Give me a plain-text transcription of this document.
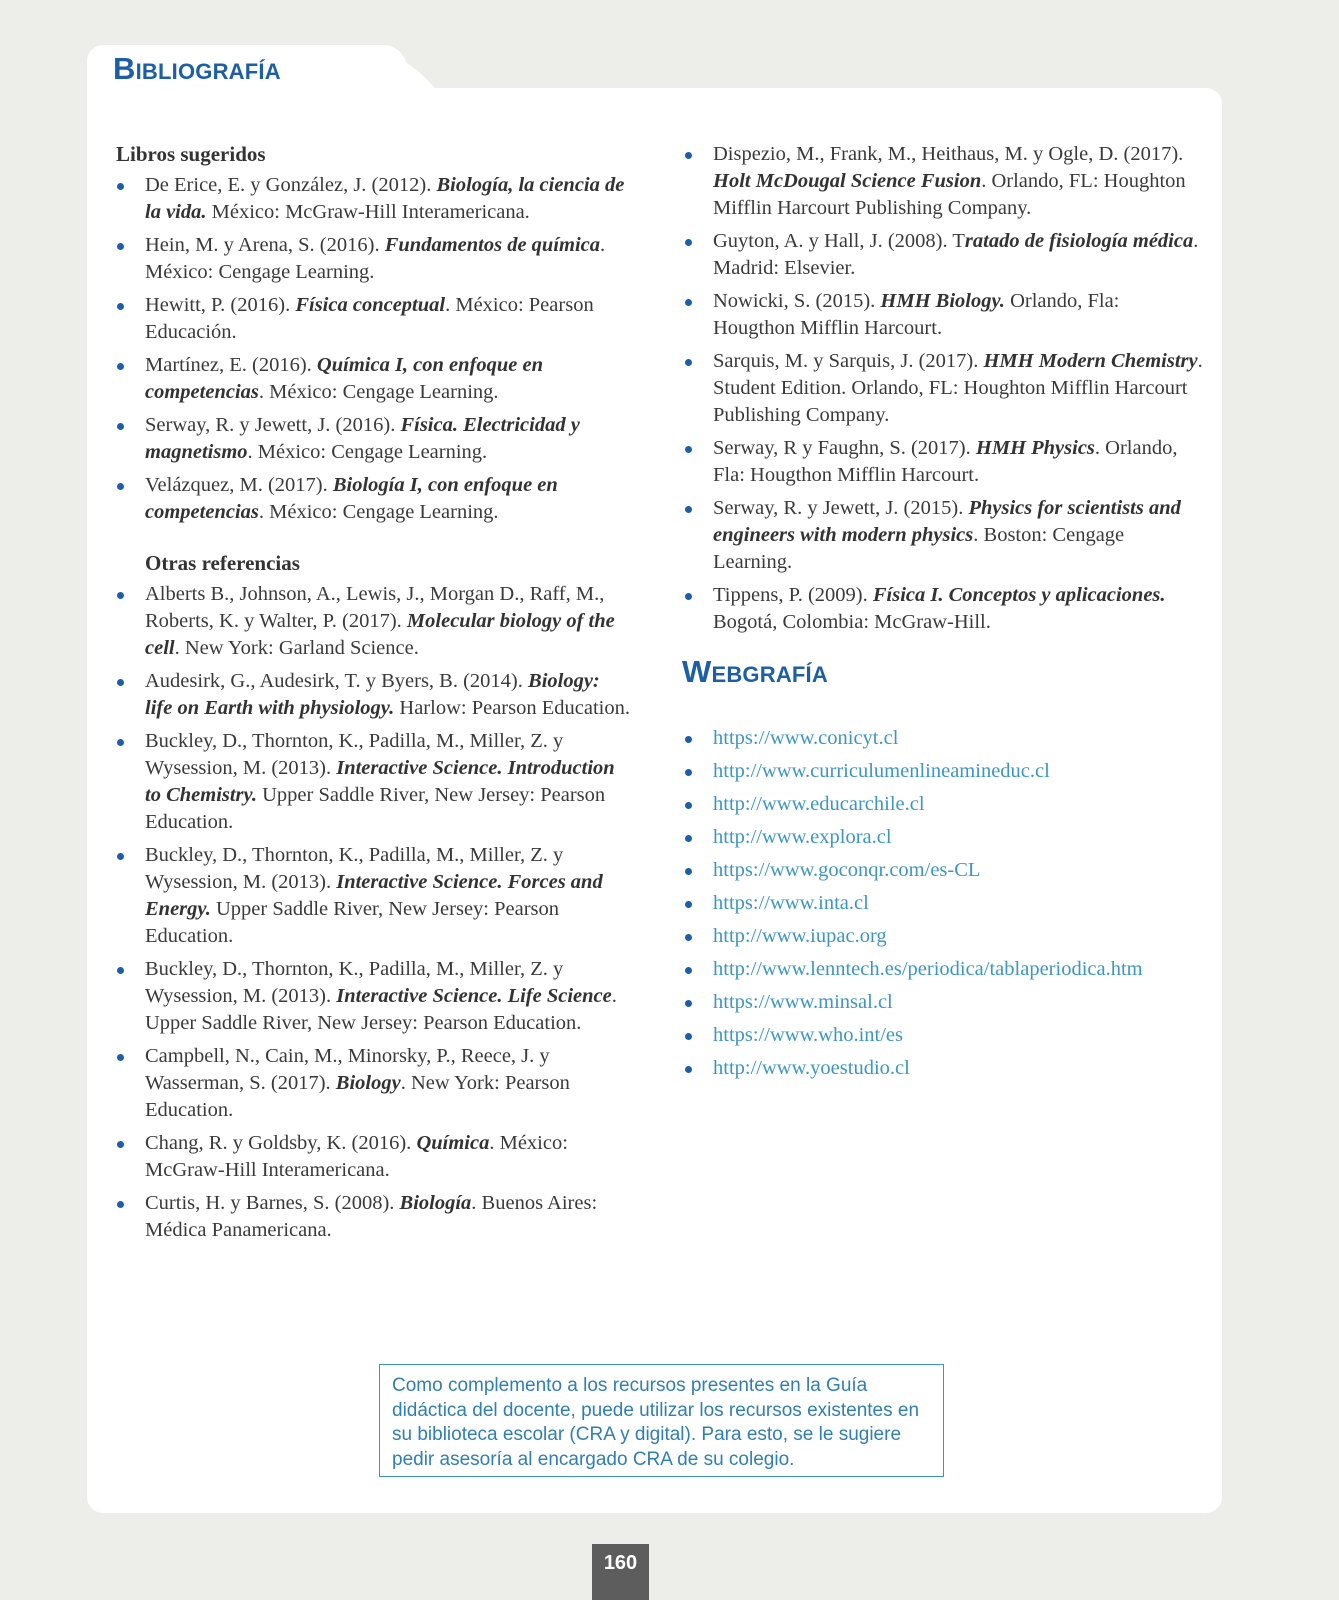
Bibliografía
Libros sugeridos
De Erice, E. y González, J. (2012). Biología, la ciencia de la vida. México: McGraw-Hill Interamericana.
Hein, M. y Arena, S. (2016). Fundamentos de química. México: Cengage Learning.
Hewitt, P. (2016). Física conceptual. México: Pearson Educación.
Martínez, E. (2016). Química I, con enfoque en competencias. México: Cengage Learning.
Serway, R. y Jewett, J. (2016). Física. Electricidad y magnetismo. México: Cengage Learning.
Velázquez, M. (2017). Biología I, con enfoque en competencias. México: Cengage Learning.
Otras referencias
Alberts B., Johnson, A., Lewis, J., Morgan D., Raff, M., Roberts, K. y Walter, P. (2017). Molecular biology of the cell. New York: Garland Science.
Audesirk, G., Audesirk, T. y Byers, B. (2014). Biology: life on Earth with physiology. Harlow: Pearson Education.
Buckley, D., Thornton, K., Padilla, M., Miller, Z. y Wysession, M. (2013). Interactive Science. Introduction to Chemistry. Upper Saddle River, New Jersey: Pearson Education.
Buckley, D., Thornton, K., Padilla, M., Miller, Z. y Wysession, M. (2013). Interactive Science. Forces and Energy. Upper Saddle River, New Jersey: Pearson Education.
Buckley, D., Thornton, K., Padilla, M., Miller, Z. y Wysession, M. (2013). Interactive Science. Life Science. Upper Saddle River, New Jersey: Pearson Education.
Campbell, N., Cain, M., Minorsky, P., Reece, J. y Wasserman, S. (2017). Biology. New York: Pearson Education.
Chang, R. y Goldsby, K. (2016). Química. México: McGraw-Hill Interamericana.
Curtis, H. y Barnes, S. (2008). Biología. Buenos Aires: Médica Panamericana.
Dispezio, M., Frank, M., Heithaus, M. y Ogle, D. (2017). Holt McDougal Science Fusion. Orlando, FL: Houghton Mifflin Harcourt Publishing Company.
Guyton, A. y Hall, J. (2008). Tratado de fisiología médica. Madrid: Elsevier.
Nowicki, S. (2015). HMH Biology. Orlando, Fla: Hougthon Mifflin Harcourt.
Sarquis, M. y Sarquis, J. (2017). HMH Modern Chemistry. Student Edition. Orlando, FL: Houghton Mifflin Harcourt Publishing Company.
Serway, R y Faughn, S. (2017). HMH Physics. Orlando, Fla: Hougthon Mifflin Harcourt.
Serway, R. y Jewett, J. (2015). Physics for scientists and engineers with modern physics. Boston: Cengage Learning.
Tippens, P. (2009). Física I. Conceptos y aplicaciones. Bogotá, Colombia: McGraw-Hill.
Webgrafía
https://www.conicyt.cl
http://www.curriculumenlineamineduc.cl
http://www.educarchile.cl
http://www.explora.cl
https://www.goconqr.com/es-CL
https://www.inta.cl
http://www.iupac.org
http://www.lenntech.es/periodica/tablaperiodica.htm
https://www.minsal.cl
https://www.who.int/es
http://www.yoestudio.cl
Como complemento a los recursos presentes en la Guía didáctica del docente, puede utilizar los recursos existentes en su biblioteca escolar (CRA y digital). Para esto, se le sugiere pedir asesoría al encargado CRA de su colegio.
160
